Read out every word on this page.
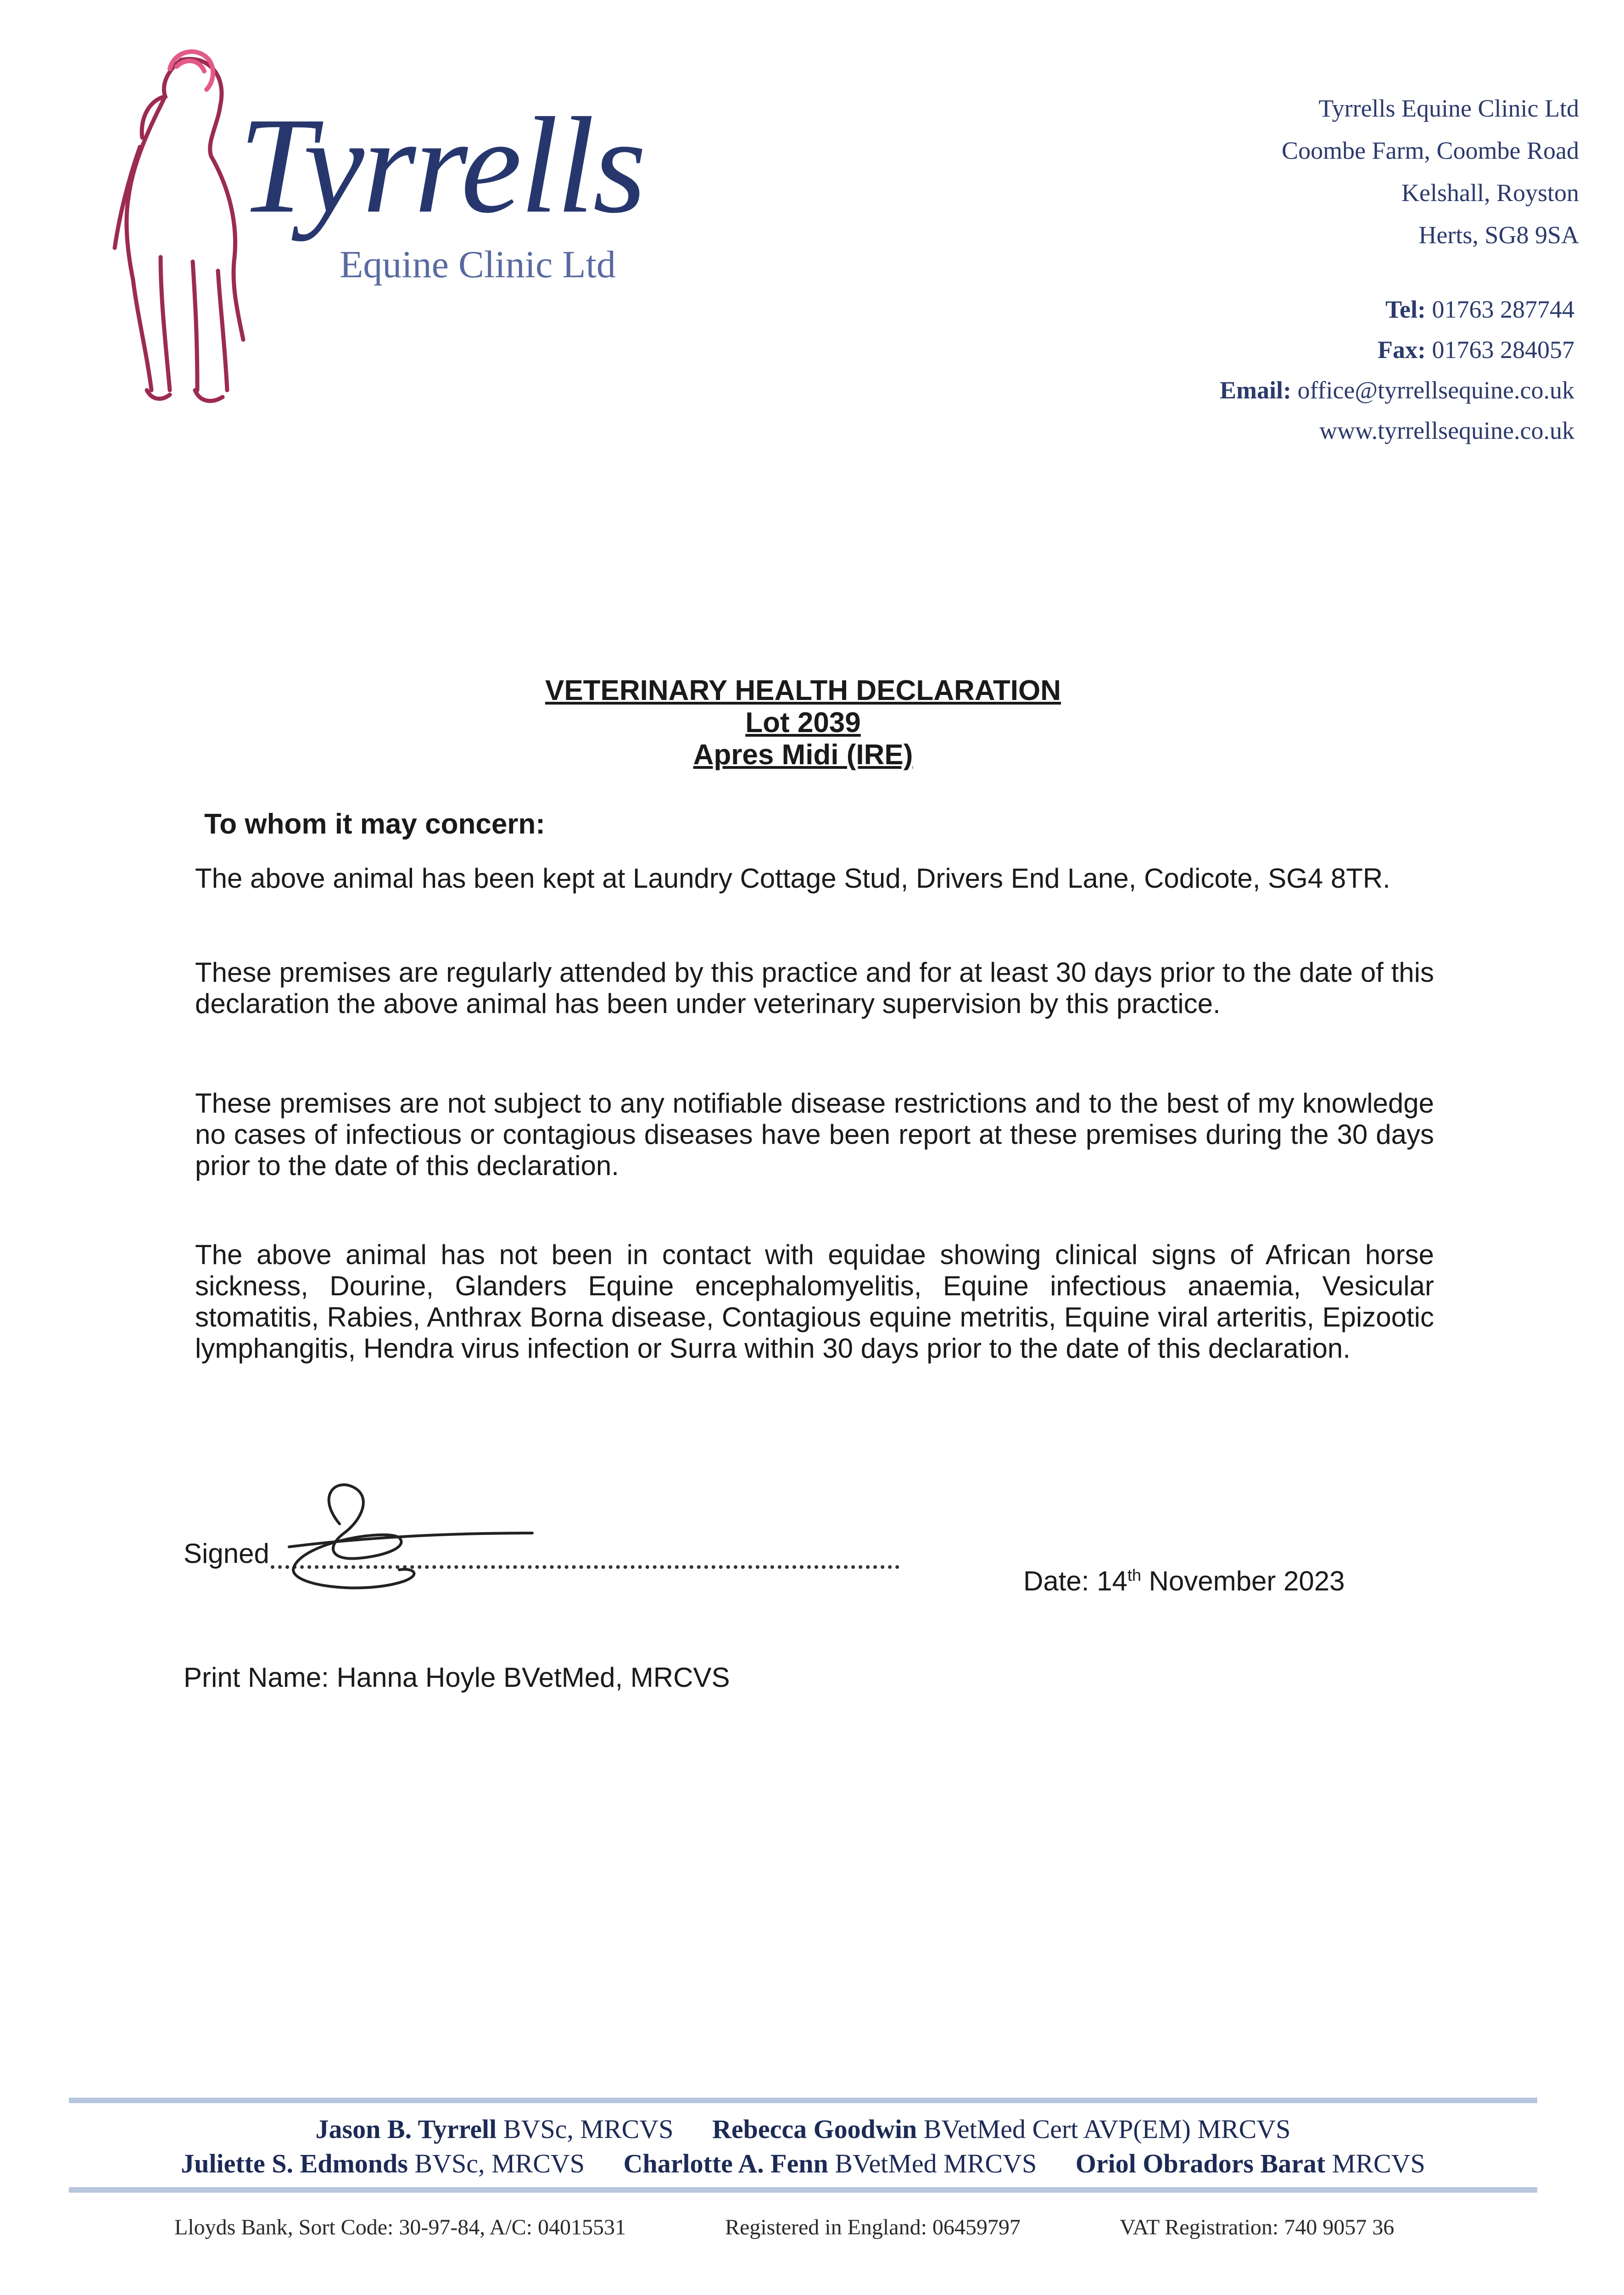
Tyrrells
Equine Clinic Ltd
Tyrrells Equine Clinic Ltd
Coombe Farm, Coombe Road
Kelshall, Royston
Herts, SG8 9SA
Tel: 01763 287744
Fax: 01763 284057
Email: office@tyrrellsequine.co.uk
www.tyrrellsequine.co.uk
VETERINARY HEALTH DECLARATION
Lot 2039
Apres Midi (IRE)
To whom it may concern:
The above animal has been kept at Laundry Cottage Stud, Drivers End Lane, Codicote, SG4 8TR.
These premises are regularly attended by this practice and for at least 30 days prior to the date of this declaration the above animal has been under veterinary supervision by this practice.
These premises are not subject to any notifiable disease restrictions and to the best of my knowledge no cases of infectious or contagious diseases have been report at these premises during the 30 days prior to the date of this declaration.
The above animal has not been in contact with equidae showing clinical signs of African horse sickness, Dourine, Glanders Equine encephalomyelitis, Equine infectious anaemia, Vesicular stomatitis, Rabies, Anthrax Borna disease, Contagious equine metritis, Equine viral arteritis, Epizootic lymphangitis, Hendra virus infection or Surra within 30 days prior to the date of this declaration.
Signed
Date: 14th November 2023
Print Name: Hanna Hoyle BVetMed, MRCVS
Jason B. Tyrrell BVSc, MRCVS Rebecca Goodwin BVetMed Cert AVP(EM) MRCVS
Juliette S. Edmonds BVSc, MRCVS Charlotte A. Fenn BVetMed MRCVS Oriol Obradors Barat MRCVS
Lloyds Bank, Sort Code: 30-97-84, A/C: 04015531	Registered in England: 06459797	VAT Registration: 740 9057 36
